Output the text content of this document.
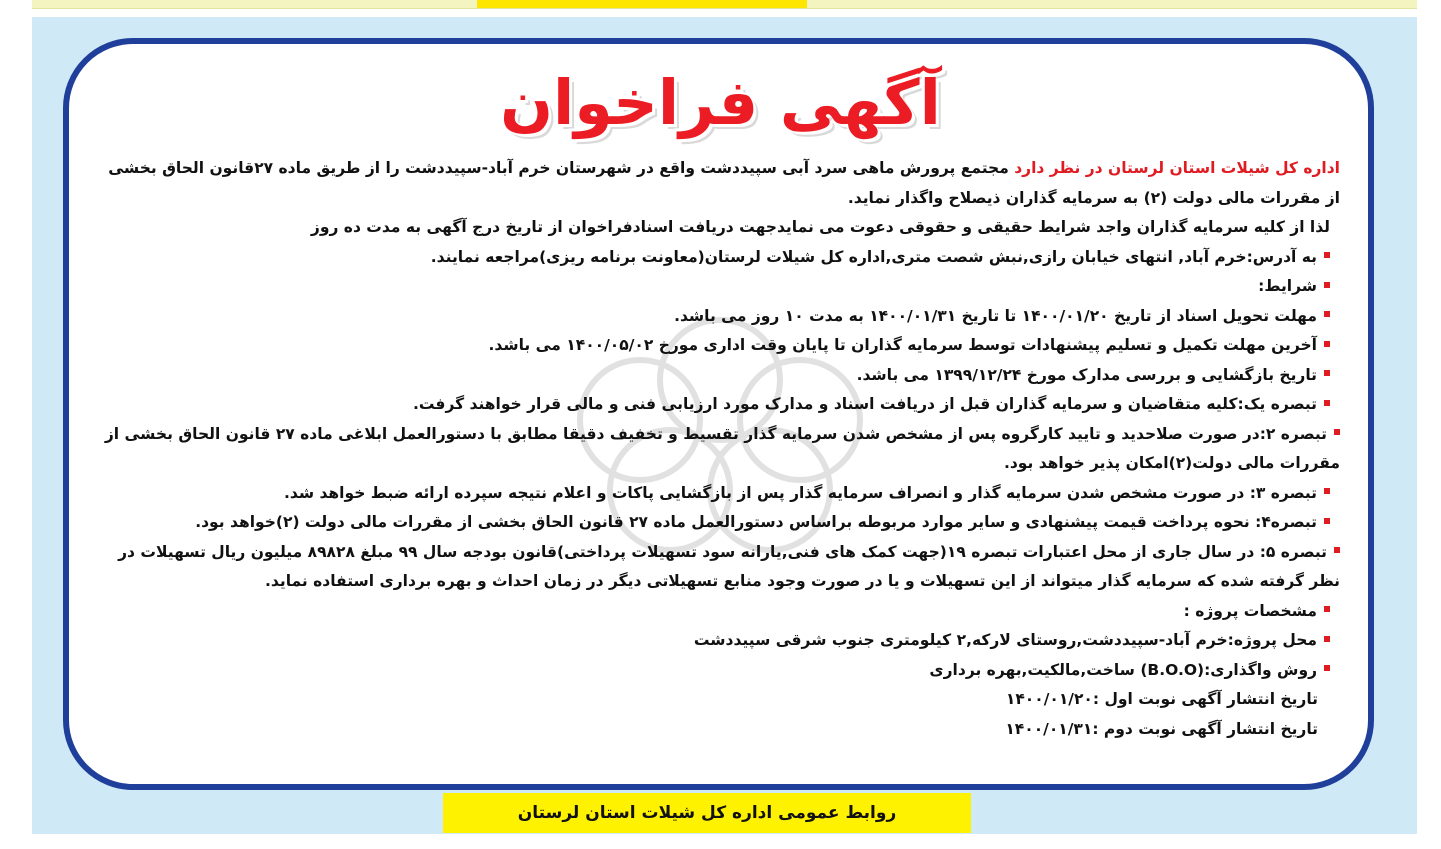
آگهی فراخوان

اداره کل شیلات استان لرستان در نظر دارد مجتمع پرورش ماهی سرد آبی سپیددشت واقع در شهرستان خرم آباد-سپیددشت را از طریق ماده ۲۷قانون الحاق بخشی از مقررات مالی دولت (۲) به سرمایه گذاران ذیصلاح واگذار نماید.

لذا از کلیه سرمایه گذاران واجد شرایط حقیقی و حقوقی دعوت می نمایدجهت دریافت اسنادفراخوان از تاریخ درج آگهی به مدت ده روز

به آدرس:خرم آباد, انتهای خیابان رازی,نبش شصت متری,اداره کل شیلات لرستان(معاونت برنامه ریزی)مراجعه نمایند.

شرایط:

مهلت تحویل اسناد از تاریخ ۱۴۰۰/۰۱/۲۰ تا تاریخ ۱۴۰۰/۰۱/۳۱ به مدت ۱۰ روز می باشد.

آخرین مهلت تکمیل و تسلیم پیشنهادات توسط سرمایه گذاران تا پایان وقت اداری مورخ ۱۴۰۰/۰۵/۰۲ می باشد.

تاریخ بازگشایی و بررسی مدارک مورخ ۱۳۹۹/۱۲/۲۴ می باشد.

تبصره یک:کلیه متقاضیان و سرمایه گذاران قبل از دریافت اسناد و مدارک مورد ارزیابی فنی و مالی قرار خواهند گرفت.

تبصره ۲:در صورت صلاحدید و تایید کارگروه پس از مشخص شدن سرمایه گذار تقسیط و تخفیف دقیقا مطابق با دستورالعمل ابلاغی ماده ۲۷ قانون الحاق بخشی از مقررات مالی دولت(۲)امکان پذیر خواهد بود.

تبصره ۳: در صورت مشخص شدن سرمایه گذار و انصراف سرمایه گذار پس از بازگشایی پاکات و اعلام نتیجه سپرده ارائه ضبط خواهد شد.

تبصره۴: نحوه پرداخت قیمت پیشنهادی و سایر موارد مربوطه براساس دستورالعمل ماده ۲۷ قانون الحاق بخشی از مقررات مالی دولت (۲)خواهد بود.

تبصره ۵: در سال جاری از محل اعتبارات تبصره ۱۹(جهت کمک های فنی,یارانه سود تسهیلات پرداختی)قانون بودجه سال ۹۹ مبلغ ۸۹۸۲۸ میلیون ریال تسهیلات در نظر گرفته شده که سرمایه گذار میتواند از این تسهیلات و یا در صورت وجود منابع تسهیلاتی دیگر در زمان احداث و بهره برداری استفاده نماید.

مشخصات پروژه :

محل پروژه:خرم آباد-سپیددشت,روستای لارکه,۲ کیلومتری جنوب شرقی سپیددشت

روش واگذاری:(B.O.O) ساخت,مالکیت,بهره برداری

تاریخ انتشار آگهی نوبت اول :۱۴۰۰/۰۱/۲۰

تاریخ انتشار آگهی نوبت دوم :۱۴۰۰/۰۱/۳۱

روابط عمومی اداره کل شیلات استان لرستان
